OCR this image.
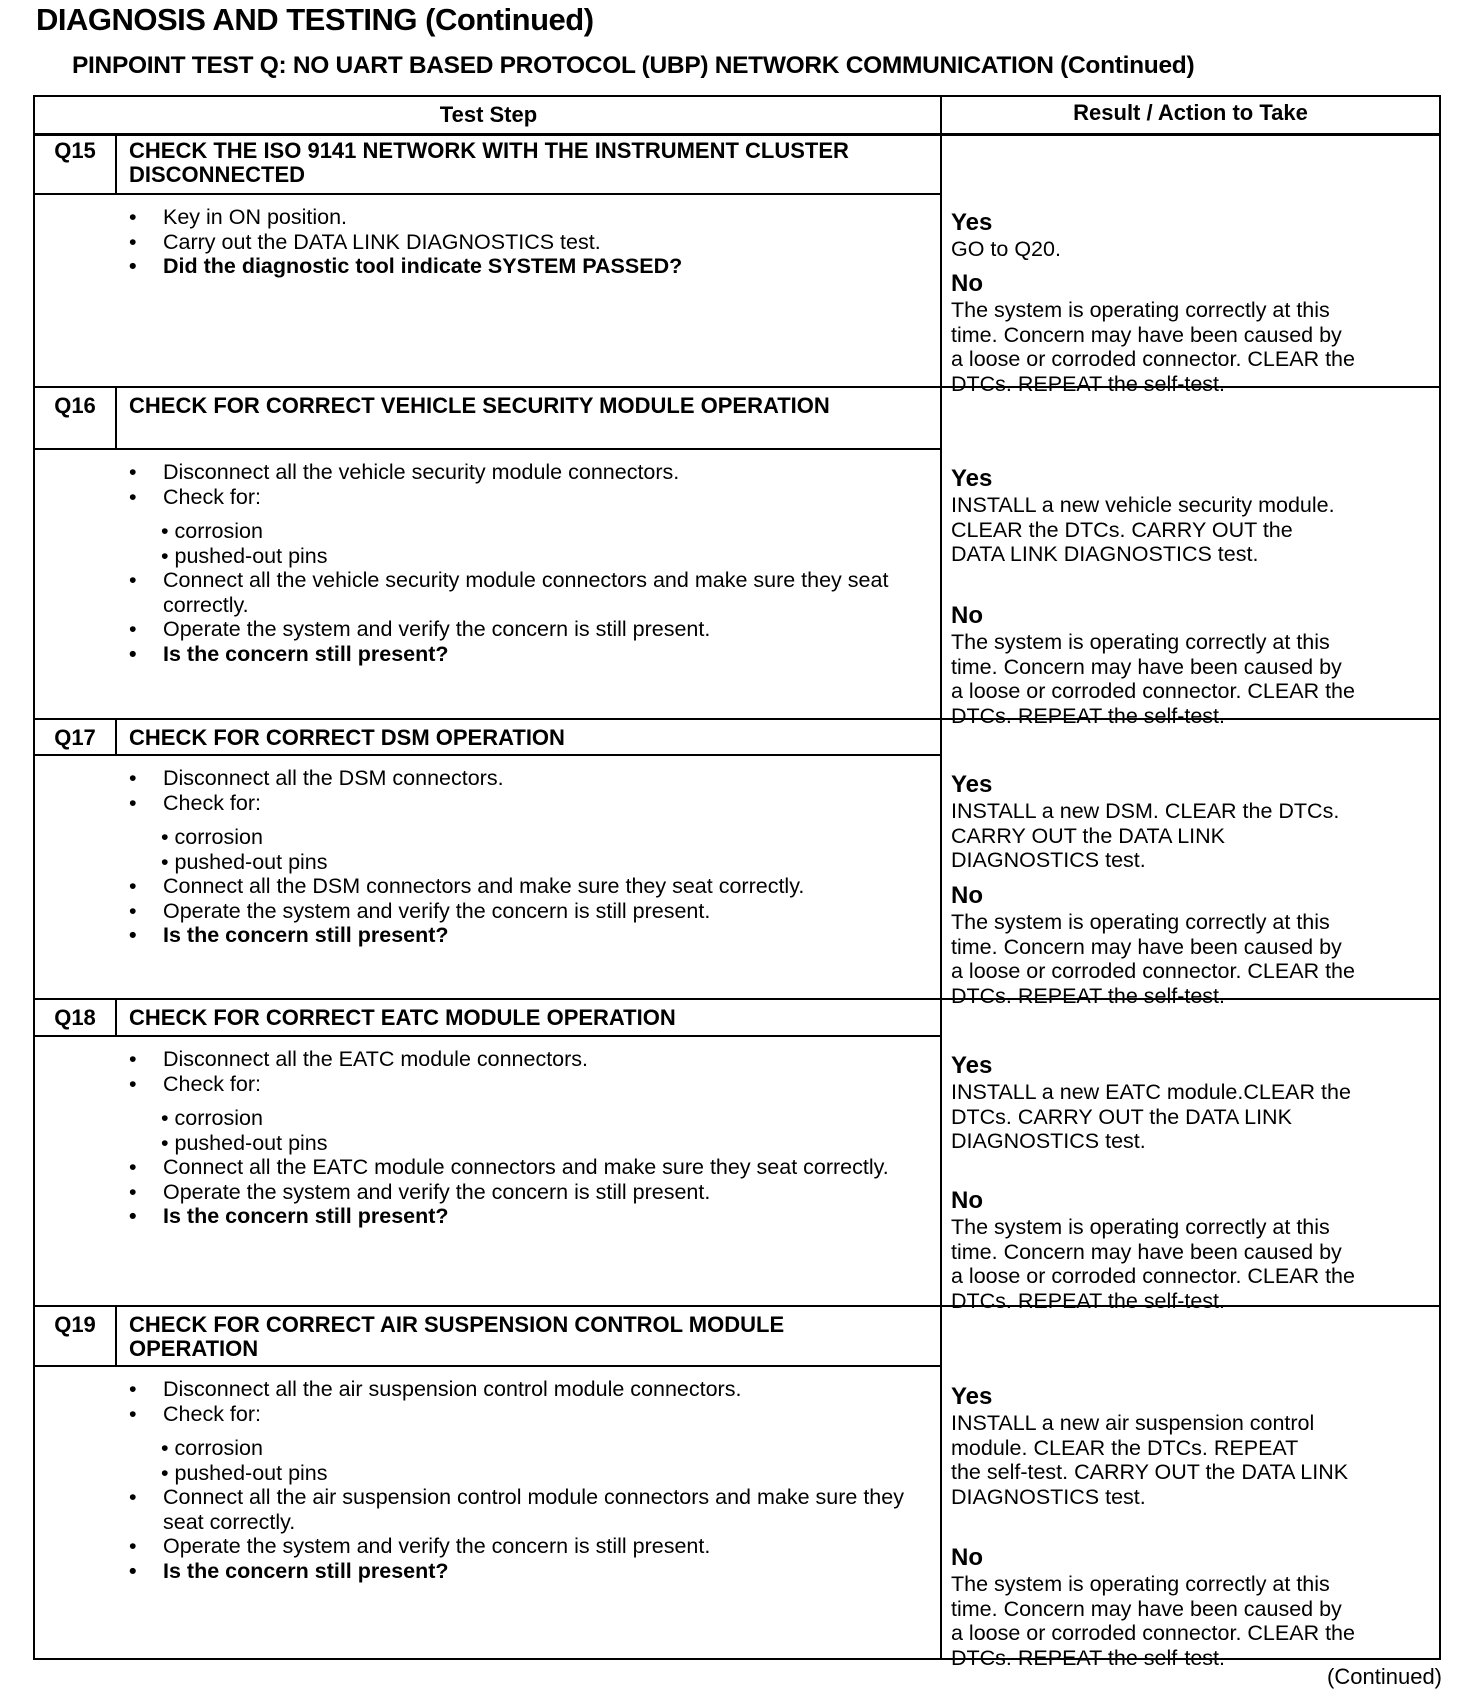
DIAGNOSIS AND TESTING (Continued)
PINPOINT TEST Q: NO UART BASED PROTOCOL (UBP) NETWORK COMMUNICATION (Continued)
Test Step	Result / Action to Take
Q15	CHECK THE ISO 9141 NETWORK WITH THE INSTRUMENT CLUSTER DISCONNECTED
• Key in ON position.
• Carry out the DATA LINK DIAGNOSTICS test.
• Did the diagnostic tool indicate SYSTEM PASSED?
Yes
GO to Q20.
No
The system is operating correctly at this
time. Concern may have been caused by
a loose or corroded connector. CLEAR the
DTCs. REPEAT the self-test.
Q16	CHECK FOR CORRECT VEHICLE SECURITY MODULE OPERATION
• Disconnect all the vehicle security module connectors.
• Check for:
• corrosion
• pushed-out pins
• Connect all the vehicle security module connectors and make sure they seat correctly.
• Operate the system and verify the concern is still present.
• Is the concern still present?
Yes
INSTALL a new vehicle security module.
CLEAR the DTCs. CARRY OUT the
DATA LINK DIAGNOSTICS test.
No
The system is operating correctly at this
time. Concern may have been caused by
a loose or corroded connector. CLEAR the
DTCs. REPEAT the self-test.
Q17	CHECK FOR CORRECT DSM OPERATION
• Disconnect all the DSM connectors.
• Check for:
• corrosion
• pushed-out pins
• Connect all the DSM connectors and make sure they seat correctly.
• Operate the system and verify the concern is still present.
• Is the concern still present?
Yes
INSTALL a new DSM. CLEAR the DTCs.
CARRY OUT the DATA LINK
DIAGNOSTICS test.
No
The system is operating correctly at this
time. Concern may have been caused by
a loose or corroded connector. CLEAR the
DTCs. REPEAT the self-test.
Q18	CHECK FOR CORRECT EATC MODULE OPERATION
• Disconnect all the EATC module connectors.
• Check for:
• corrosion
• pushed-out pins
• Connect all the EATC module connectors and make sure they seat correctly.
• Operate the system and verify the concern is still present.
• Is the concern still present?
Yes
INSTALL a new EATC module.CLEAR the
DTCs. CARRY OUT the DATA LINK
DIAGNOSTICS test.
No
The system is operating correctly at this
time. Concern may have been caused by
a loose or corroded connector. CLEAR the
DTCs. REPEAT the self-test.
Q19	CHECK FOR CORRECT AIR SUSPENSION CONTROL MODULE OPERATION
• Disconnect all the air suspension control module connectors.
• Check for:
• corrosion
• pushed-out pins
• Connect all the air suspension control module connectors and make sure they seat correctly.
• Operate the system and verify the concern is still present.
• Is the concern still present?
Yes
INSTALL a new air suspension control
module. CLEAR the DTCs. REPEAT
the self-test. CARRY OUT the DATA LINK
DIAGNOSTICS test.
No
The system is operating correctly at this
time. Concern may have been caused by
a loose or corroded connector. CLEAR the
DTCs. REPEAT the self-test.
(Continued)
